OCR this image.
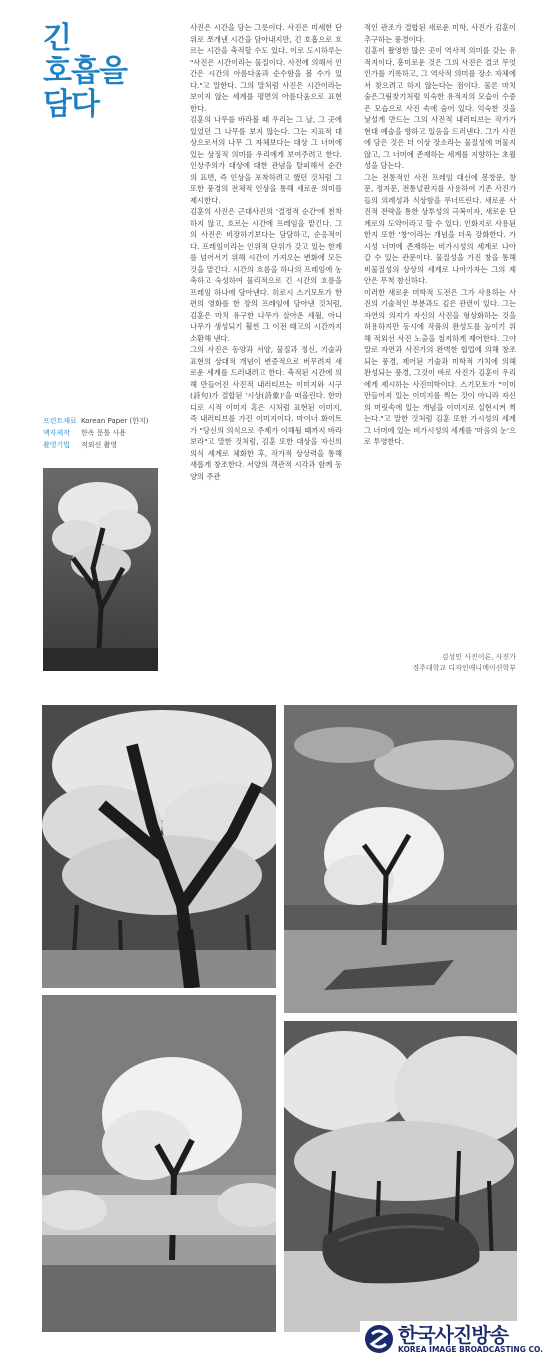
긴
호흡을
담다

사진은 시간을 담는 그릇이다. 사진은 미세한 단위로 쪼개낸 시간을 담아내지만, 긴 호흡으로 흐르는 시간을 축적할 수도 있다. 이로 도시하루는 "사진은 시간이라는 물질이다. 사진에 의해서 인간은 시간의 아름다움과 순수함을 볼 수가 있다."고 말한다. 그의 말처럼 사진은 시간이라는 보이지 않는 세계를 평면의 아름다움으로 표현한다.

김훈의 나무를 바라볼 때 우리는 그 날, 그 곳에 있었던 그 나무를 보지 않는다. 그는 지표적 대상으로서의 나무 그 자체보다는 대상 그 너머에 있는 상징적 의미를 우리에게 보여주려고 한다. 인상주의가 대상에 대한 관념을 탈피해서 순간의 표면, 즉 인상을 포착하려고 했던 것처럼 그 또한 풍경의 전체적 인상을 통해 새로운 의미를 제시한다.

김훈의 사진은 근대사진의 '결정적 순간'에 천착하지 않고, 흐르는 시간에 프레임을 맡긴다. 그의 사진은 비장하기보다는 담담하고, 순응적이다. 프레임이라는 인위적 단위가 갖고 있는 한계를 넘어서기 위해 시간이 가져오는 변화에 모든 것을 맡긴다. 시간의 흐름을 하나의 프레임에 농축하고 숙성하여 물리적으로 긴 시간의 흐름을 프레임 하나에 담아낸다. 히로시 스기모토가 한 편의 영화를 한 장의 프레임에 담아낸 것처럼, 김훈은 마치 유구한 나무가 살아온 세월, 아니 나무가 생성되기 훨씬 그 이전 태고의 시간까지 소환해 낸다.

그의 사진은 동양과 서양, 물질과 정신, 기술과 표현의 상대적 개념이 변증적으로 버무려져 새로운 세계를 드러내려고 한다. 축적된 시간에 의해 만들어진 사진적 내러티브는 이미지와 시구(詩句)가 결합된 '시상(詩象)'을 떠올린다. 한마디로 시적 이미지 혹은 시처럼 표현된 이미지, 즉 내러티브를 가진 이미지이다. 마이너 화이트가 "당신의 의식으로 주제가 이해될 때까지 바라보라"고 말한 것처럼, 김훈 또한 대상을 자신의 의식 세계로 체화한 후, 작가적 상상력을 통해 새롭게 창조한다. 서양의 객관적 시각과 함께 동양의 주관

적인 관조가 결합된 새로운 미학, 사진가 김훈이 추구하는 풍경이다.

김훈이 촬영한 많은 곳이 역사적 의미를 갖는 유적지이다. 흥미로운 것은 그의 사진은 결코 무엇인가를 기록하고, 그 역사적 의미를 장소 자체에서 찾으려고 하지 않는다는 점이다. 물론 마치 숨은그림찾기처럼 익숙한 유적지의 모습이 수증은 모습으로 사진 속에 숨어 있다. 익숙한 것을 낯설게 만드는 그의 사진적 내러티브는 작가가 현대 예술을 향하고 있음을 드러낸다. 그가 사진에 담은 것은 더 이상 장소라는 물질성에 머물지 않고, 그 너머에 존재하는 세계를 지향하는 초월성을 담는다.

그는 전통적인 사진 프레임 대신에 봉창문, 창문, 정지문, 전통널판지를 사용하여 기존 사진가들의 의례성과 식상함을 무너뜨린다. 새로운 사진적 전략을 통한 상투성의 극복이자, 새로운 단계로의 도약이라고 할 수 있다. 인화지로 사용된 한지 또한 '창'이라는 개념을 더욱 강화한다. 가시성 너머에 존재하는 비가시성의 세계로 나아갈 수 있는 관문이다. 물질성을 가진 창을 통해 비물질성의 상상의 세계로 나아가자는 그의 제안은 무척 참신하다.

이러한 새로운 미학적 도전은 그가 사용하는 사진의 기술적인 부분과도 깊은 관련이 있다. 그는 자연의 의지가 자신의 사진을 형상화하는 것을 허용하지만 동시에 작품의 완성도를 높이기 위해 적외선 사진 노출을 철저하게 제어한다. 그야말로 자연과 사진가의 완벽한 협업에 의해 창조되는 풍경, 제어된 기술과 미학적 가치에 의해 완성되는 풍경, 그것이 바로 사진가 김훈이 우리에게 제시하는 사진미학이다. 스기모토가 "이미 만들어져 있는 이미지를 찍는 것이 아니라 자신의 머릿속에 있는 개념을 이미지로 실현시켜 찍는다."고 말한 것처럼 김훈 또한 가시성의 세계 그 너머에 있는 비가시성의 세계를 '마음의 눈'으로 투영한다.

프린트재료 Korean Paper (한지)
액자제작	한옥 문틀 사용
촬영기법	적외선 촬영
김성민 사진이론, 사진가
경주대학교 디자인애니메이션학부
한국사진방송
KOREA IMAGE BROADCASTING CO.
